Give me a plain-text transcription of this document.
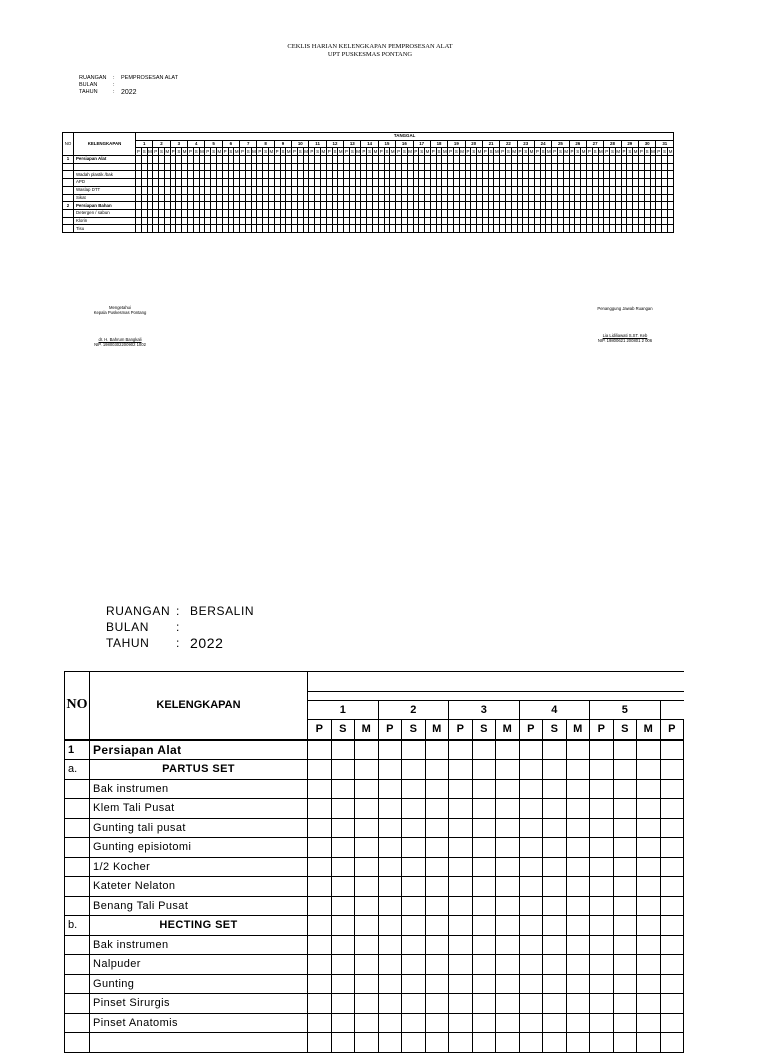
CEKLIS HARIAN KELENGKAPAN PEMPROSESAN ALAT
UPT PUSKESMAS PONTANG
RUANGAN	:	PEMPROSESAN ALAT
BULAN	:
TAHUN	: 2022
NO	KELENGKAPAN	TANGGAL
1	2	3	4	5	6	7	8	9	10	11	12	13	14	15	16	17	18	19	20	21	22	23	24	25	26	27	28	29	30	31
P	S	M	P	S	M	P	S	M	P	S	M	P	S	M	P	S	M	P	S	M	P	S	M	P	S	M	P	S	M	P	S	M	P	S	M	P	S	M	P	S	M	P	S	M	P	S	M	P	S	M	P	S	M	P	S	M	P	S	M	P	S	M	P	S	M	P	S	M	P	S	M	P	S	M	P	S	M	P	S	M	P	S	M	P	S	M	P	S	M	P	S	M
1	Persiapan Alat																																																																																													

	Wadah plastik /bak																																																																																													
	APD																																																																																													
	Waslap DTT																																																																																													
	Sikat																																																																																													
2	Persiapan Bahan																																																																																													
	Detergen / sabun																																																																																													
	Klorin																																																																																													
	Tisu																																																																																													
Mengetahui
Kepala Puskesmas Pontang
dr. H. Bahrum Bangkali
NIP. 19800302200902 1002
Penanggung Jawab Ruangan
Lia Lidiliawati S.ST. Keb
NIP. 19800621 200801 2 006
RUANGAN : BERSALIN
BULAN	:
TAHUN	: 2022
NO	KELENGKAPAN																

		1			2			3			4			5			
		P	S	M	P	S	M	P	S	M	P	S	M	P	S	M	P
1	Persiapan Alat																
a.	PARTUS SET																
	Bak instrumen																
	Klem Tali Pusat																
	Gunting tali pusat																
	Gunting episiotomi																
	1/2 Kocher																
	Kateter Nelaton																
	Benang Tali Pusat																
b.	HECTING SET																
	Bak instrumen																
	Nalpuder																
	Gunting																
	Pinset Sirurgis																
	Pinset Anatomis																
